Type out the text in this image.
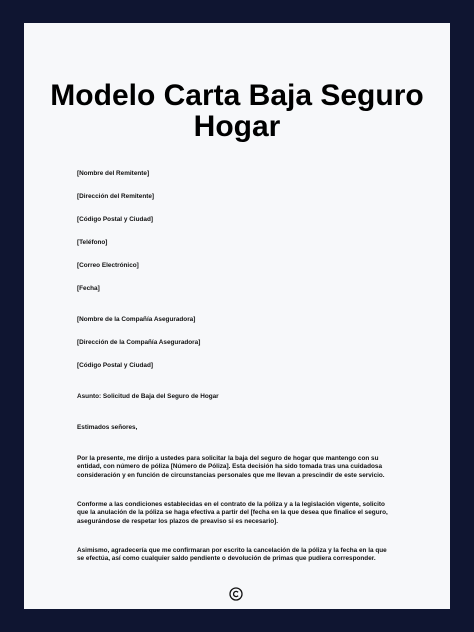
Modelo Carta Baja Seguro Hogar
[Nombre del Remitente]
[Dirección del Remitente]
[Código Postal y Ciudad]
[Teléfono]
[Correo Electrónico]
[Fecha]
[Nombre de la Compañía Aseguradora]
[Dirección de la Compañía Aseguradora]
[Código Postal y Ciudad]
Asunto: Solicitud de Baja del Seguro de Hogar
Estimados señores,
Por la presente, me dirijo a ustedes para solicitar la baja del seguro de hogar que mantengo con su entidad, con número de póliza [Número de Póliza]. Esta decisión ha sido tomada tras una cuidadosa consideración y en función de circunstancias personales que me llevan a prescindir de este servicio.
Conforme a las condiciones establecidas en el contrato de la póliza y a la legislación vigente, solicito que la anulación de la póliza se haga efectiva a partir del [fecha en la que desea que finalice el seguro, asegurándose de respetar los plazos de preaviso si es necesario].
Asimismo, agradecería que me confirmaran por escrito la cancelación de la póliza y la fecha en la que se efectúa, así como cualquier saldo pendiente o devolución de primas que pudiera corresponder.
